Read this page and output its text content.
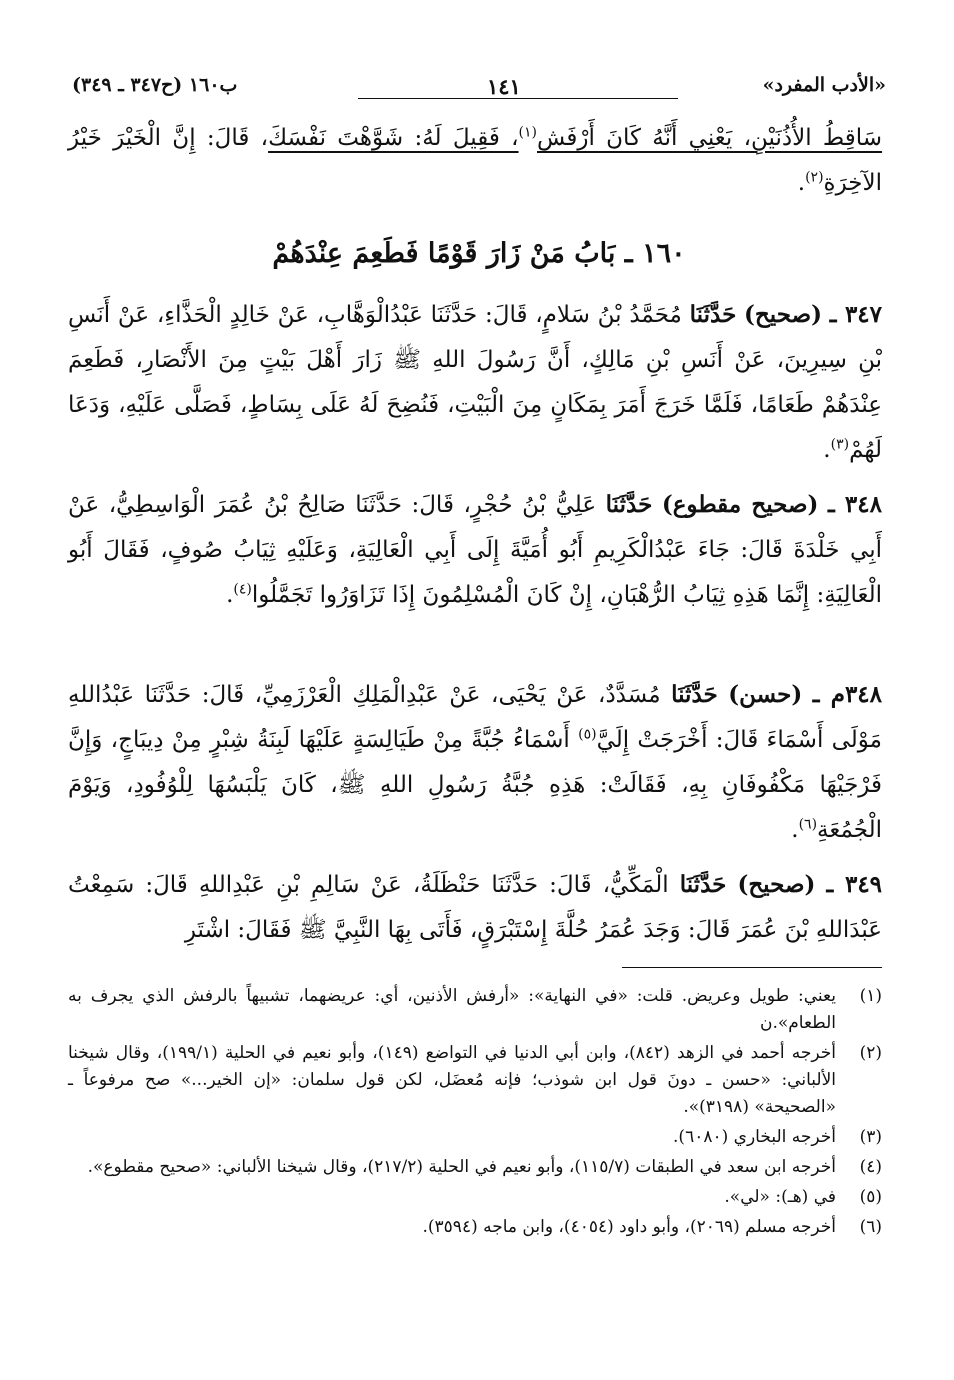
«الأدب المفرد»
١٤١
ب١٦٠ (ح٣٤٧ ـ ٣٤٩)

سَاقِطُ الأُذُنَيْنِ، يَعْنِي أَنَّهُ كَانَ أَرْفَش$^{(١)}$، فَقِيلَ لَهُ: شَوَّهْتَ نَفْسَكَ، قَالَ: إِنَّ الْخَيْرَ خَيْرُ الآخِرَةِ$^{(٢)}$.

١٦٠ ـ بَابُ مَنْ زَارَ قَوْمًا فَطَعِمَ عِنْدَهُمْ

٣٤٧ ـ (صحيح) حَدَّثَنَا مُحَمَّدُ بْنُ سَلامٍ، قَالَ: حَدَّثَنَا عَبْدُالْوَهَّابِ، عَنْ خَالِدٍ الْحَذَّاءِ، عَنْ أَنَسِ بْنِ سِيرِينَ، عَنْ أَنَسِ بْنِ مَالِكٍ، أَنَّ رَسُولَ اللهِ ﷺ زَارَ أَهْلَ بَيْتٍ مِنَ الأَنْصَارِ، فَطَعِمَ عِنْدَهُمْ طَعَامًا، فَلَمَّا خَرَجَ أَمَرَ بِمَكَانٍ مِنَ الْبَيْتِ، فَنُضِحَ لَهُ عَلَى بِسَاطٍ، فَصَلَّى عَلَيْهِ، وَدَعَا لَهُمْ$^{(٣)}$.

٣٤٨ ـ (صحيح مقطوع) حَدَّثَنَا عَلِيُّ بْنُ حُجْرٍ، قَالَ: حَدَّثَنَا صَالِحُ بْنُ عُمَرَ الْوَاسِطِيُّ، عَنْ أَبِي خَلْدَةَ قَالَ: جَاءَ عَبْدُالْكَرِيمِ أَبُو أُمَيَّةَ إِلَى أَبِي الْعَالِيَةِ، وَعَلَيْهِ ثِيَابُ صُوفٍ، فَقَالَ أَبُو الْعَالِيَةِ: إِنَّمَا هَذِهِ ثِيَابُ الرُّهْبَانِ، إِنْ كَانَ الْمُسْلِمُونَ إِذَا تَزَاوَرُوا تَجَمَّلُوا$^{(٤)}$.

٣٤٨م ـ (حسن) حَدَّثَنَا مُسَدَّدٌ، عَنْ يَحْيَى، عَنْ عَبْدِالْمَلِكِ الْعَرْزَمِيِّ، قَالَ: حَدَّثَنَا عَبْدُاللهِ مَوْلَى أَسْمَاءَ قَالَ: أَخْرَجَتْ إِلَيَّ$^{(٥)}$ أَسْمَاءُ جُبَّةً مِنْ طَيَالِسَةٍ عَلَيْهَا لَبِنَةُ شِبْرٍ مِنْ دِيبَاجٍ، وَإِنَّ فَرْجَيْهَا مَكْفُوفَانِ بِهِ، فَقَالَتْ: هَذِهِ جُبَّةُ رَسُولِ اللهِ ﷺ، كَانَ يَلْبَسُهَا لِلْوُفُودِ، وَيَوْمَ الْجُمُعَةِ$^{(٦)}$.

٣٤٩ ـ (صحيح) حَدَّثَنَا الْمَكِّيُّ، قَالَ: حَدَّثَنَا حَنْظَلَةُ، عَنْ سَالِمِ بْنِ عَبْدِاللهِ قَالَ: سَمِعْتُ عَبْدَاللهِ بْنَ عُمَرَ قَالَ: وَجَدَ عُمَرُ حُلَّةَ إِسْتَبْرَقٍ، فَأَتَى بِهَا النَّبِيَّ ﷺ فَقَالَ: اشْتَرِ

(١)
يعني: طويل وعريض. قلت: «في النهاية»: «أرفش الأذنين، أي: عريضهما، تشبيهاً بالرفش الذي يجرف به الطعام».ن

(٢)
أخرجه أحمد في الزهد (٨٤٢)، وابن أبي الدنيا في التواضع (١٤٩)، وأبو نعيم في الحلية (١٩٩/١)، وقال شيخنا الألباني: «حسن ـ دونَ قول ابن شوذب؛ فإنه مُعضَل، لكن قول سلمان: «إن الخير...» صح مرفوعاً ـ «الصحيحة» (٣١٩٨)».

(٣)
أخرجه البخاري (٦٠٨٠).

(٤)
أخرجه ابن سعد في الطبقات (١١٥/٧)، وأبو نعيم في الحلية (٢١٧/٢)، وقال شيخنا الألباني: «صحيح مقطوع».

(٥)
في (هـ): «لي».

(٦)
أخرجه مسلم (٢٠٦٩)، وأبو داود (٤٠٥٤)، وابن ماجه (٣٥٩٤).
